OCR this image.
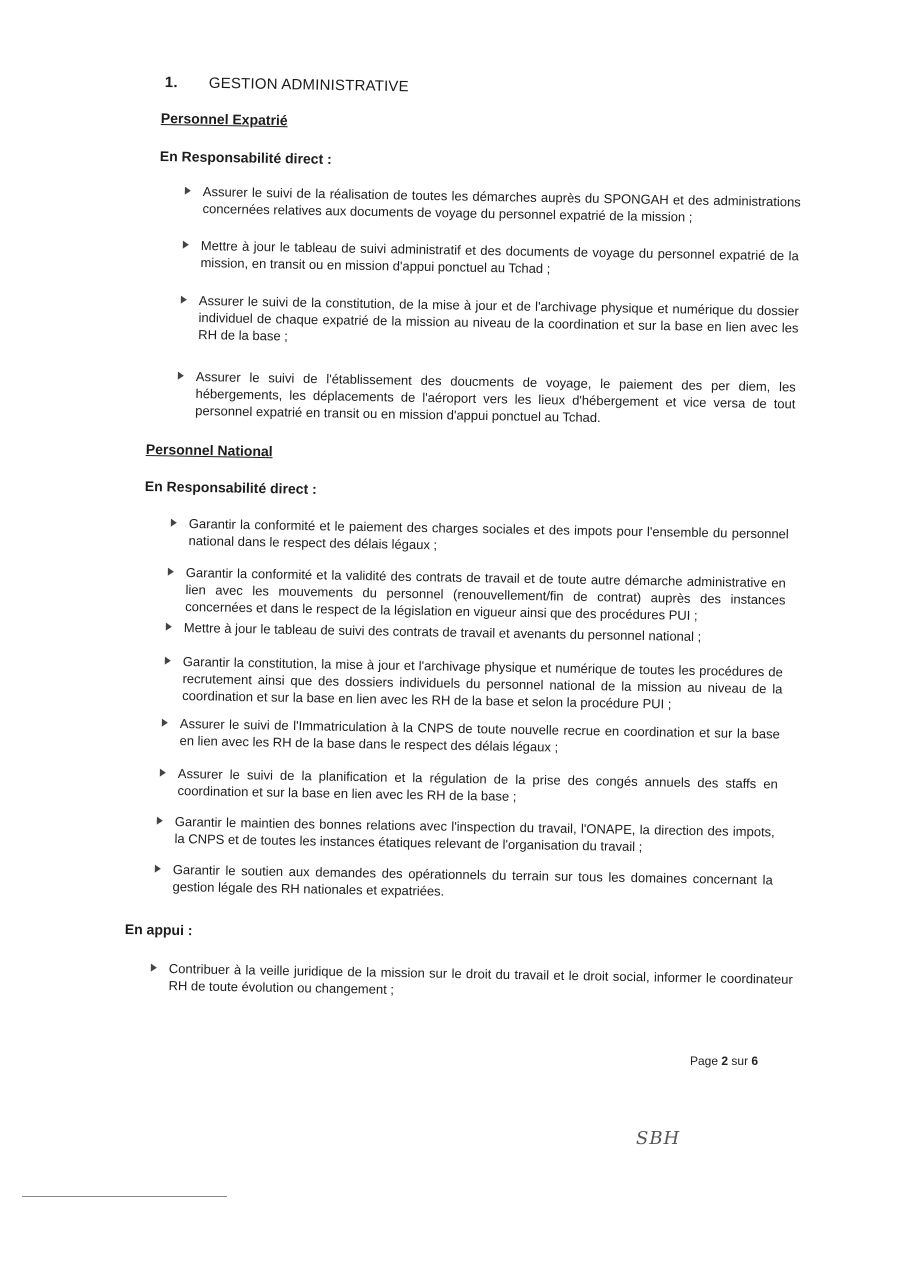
1. GESTION ADMINISTRATIVE
Personnel Expatrié
En Responsabilité direct :
Assurer le suivi de la réalisation de toutes les démarches auprès du SPONGAH et des administrations concernées relatives aux documents de voyage du personnel expatrié de la mission ;
Mettre à jour le tableau de suivi administratif et des documents de voyage du personnel expatrié de la mission, en transit ou en mission d'appui ponctuel au Tchad ;
Assurer le suivi de la constitution, de la mise à jour et de l'archivage physique et numérique du dossier individuel de chaque expatrié de la mission au niveau de la coordination et sur la base en lien avec les RH de la base ;
Assurer le suivi de l'établissement des doucments de voyage, le paiement des per diem, les hébergements, les déplacements de l'aéroport vers les lieux d'hébergement et vice versa de tout personnel expatrié en transit ou en mission d'appui ponctuel au Tchad.
Personnel National
En Responsabilité direct :
Garantir la conformité et le paiement des charges sociales et des impots pour l'ensemble du personnel national dans le respect des délais légaux ;
Garantir la conformité et la validité des contrats de travail et de toute autre démarche administrative en lien avec les mouvements du personnel (renouvellement/fin de contrat) auprès des instances concernées et dans le respect de la législation en vigueur ainsi que des procédures PUI ;
Mettre à jour le tableau de suivi des contrats de travail et avenants du personnel national ;
Garantir la constitution, la mise à jour et l'archivage physique et numérique de toutes les procédures de recrutement ainsi que des dossiers individuels du personnel national de la mission au niveau de la coordination et sur la base en lien avec les RH de la base et selon la procédure PUI ;
Assurer le suivi de l'Immatriculation à la CNPS de toute nouvelle recrue en coordination et sur la base en lien avec les RH de la base dans le respect des délais légaux ;
Assurer le suivi de la planification et la régulation de la prise des congés annuels des staffs en coordination et sur la base en lien avec les RH de la base ;
Garantir le maintien des bonnes relations avec l'inspection du travail, l'ONAPE, la direction des impots, la CNPS et de toutes les instances étatiques relevant de l'organisation du travail ;
Garantir le soutien aux demandes des opérationnels du terrain sur tous les domaines concernant la gestion légale des RH nationales et expatriées.
En appui :
Contribuer à la veille juridique de la mission sur le droit du travail et le droit social, informer le coordinateur RH de toute évolution ou changement ;
Page 2 sur 6
SBH
